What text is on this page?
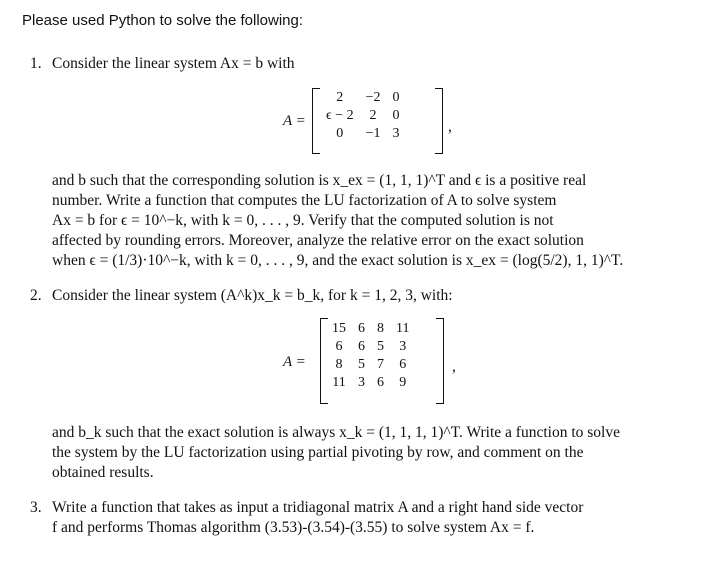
Please used Python to solve the following:
1. Consider the linear system Ax = b with
A =
2	−2	0
ϵ − 2	2	0
0	−1	3	,
and b such that the corresponding solution is x_ex = (1, 1, 1)^T and ϵ is a positive real
number. Write a function that computes the LU factorization of A to solve system
Ax = b for ϵ = 10^−k, with k = 0, . . . , 9. Verify that the computed solution is not
affected by rounding errors. Moreover, analyze the relative error on the exact solution
when ϵ = (1/3)·10^−k, with k = 0, . . . , 9, and the exact solution is x_ex = (log(5/2), 1, 1)^T.
2. Consider the linear system (A^k)x_k = b_k, for k = 1, 2, 3, with:
A =
15	6	8	11
6	6	5	3
8	5	7	6
11	3	6	9
,
and b_k such that the exact solution is always x_k = (1, 1, 1, 1)^T. Write a function to solve
the system by the LU factorization using partial pivoting by row, and comment on the
obtained results.
3. Write a function that takes as input a tridiagonal matrix A and a right hand side vector
f and performs Thomas algorithm (3.53)-(3.54)-(3.55) to solve system Ax = f.
